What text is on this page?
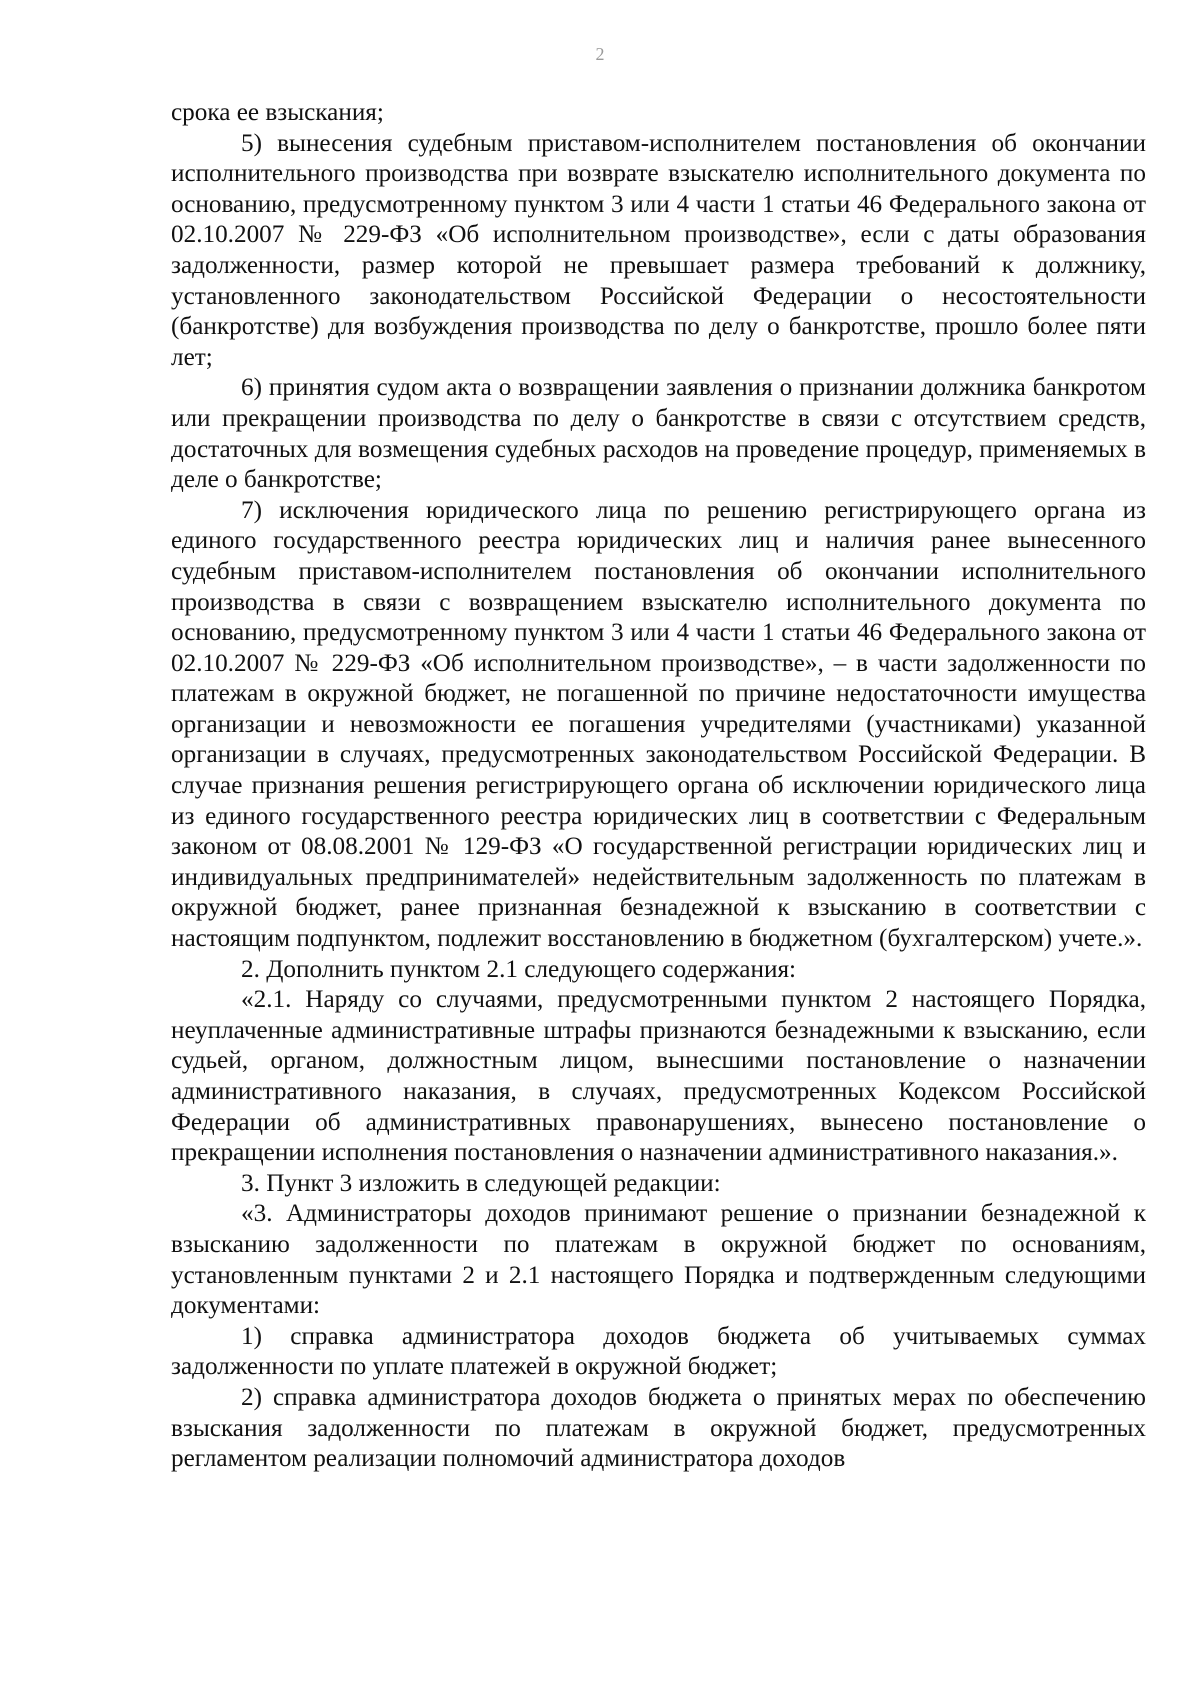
2

срока ее взыскания;

5) вынесения судебным приставом-исполнителем постановления об окончании исполнительного производства при возврате взыскателю исполнительного документа по основанию, предусмотренному пунктом 3 или 4 части 1 статьи 46 Федерального закона от 02.10.2007 № 229-ФЗ «Об исполнительном производстве», если с даты образования задолженности, размер которой не превышает размера требований к должнику, установленного законодательством Российской Федерации о несостоятельности (банкротстве) для возбуждения производства по делу о банкротстве, прошло более пяти лет;

6) принятия судом акта о возвращении заявления о признании должника банкротом или прекращении производства по делу о банкротстве в связи с отсутствием средств, достаточных для возмещения судебных расходов на проведение процедур, применяемых в деле о банкротстве;

7) исключения юридического лица по решению регистрирующего органа из единого государственного реестра юридических лиц и наличия ранее вынесенного судебным приставом-исполнителем постановления об окончании исполнительного производства в связи с возвращением взыскателю исполнительного документа по основанию, предусмотренному пунктом 3 или 4 части 1 статьи 46 Федерального закона от 02.10.2007 № 229-ФЗ «Об исполнительном производстве», – в части задолженности по платежам в окружной бюджет, не погашенной по причине недостаточности имущества организации и невозможности ее погашения учредителями (участниками) указанной организации в случаях, предусмотренных законодательством Российской Федерации. В случае признания решения регистрирующего органа об исключении юридического лица из единого государственного реестра юридических лиц в соответствии с Федеральным законом от 08.08.2001 № 129-ФЗ «О государственной регистрации юридических лиц и индивидуальных предпринимателей» недействительным задолженность по платежам в окружной бюджет, ранее признанная безнадежной к взысканию в соответствии с настоящим подпунктом, подлежит восстановлению в бюджетном (бухгалтерском) учете.».

2. Дополнить пунктом 2.1 следующего содержания:

«2.1. Наряду со случаями, предусмотренными пунктом 2 настоящего Порядка, неуплаченные административные штрафы признаются безнадежными к взысканию, если судьей, органом, должностным лицом, вынесшими постановление о назначении административного наказания, в случаях, предусмотренных Кодексом Российской Федерации об административных правонарушениях, вынесено постановление о прекращении исполнения постановления о назначении административного наказания.».

3. Пункт 3 изложить в следующей редакции:

«3. Администраторы доходов принимают решение о признании безнадежной к взысканию задолженности по платежам в окружной бюджет по основаниям, установленным пунктами 2 и 2.1 настоящего Порядка и подтвержденным следующими документами:

1) справка администратора доходов бюджета об учитываемых суммах задолженности по уплате платежей в окружной бюджет;

2) справка администратора доходов бюджета о принятых мерах по обеспечению взыскания задолженности по платежам в окружной бюджет, предусмотренных регламентом реализации полномочий администратора доходов
